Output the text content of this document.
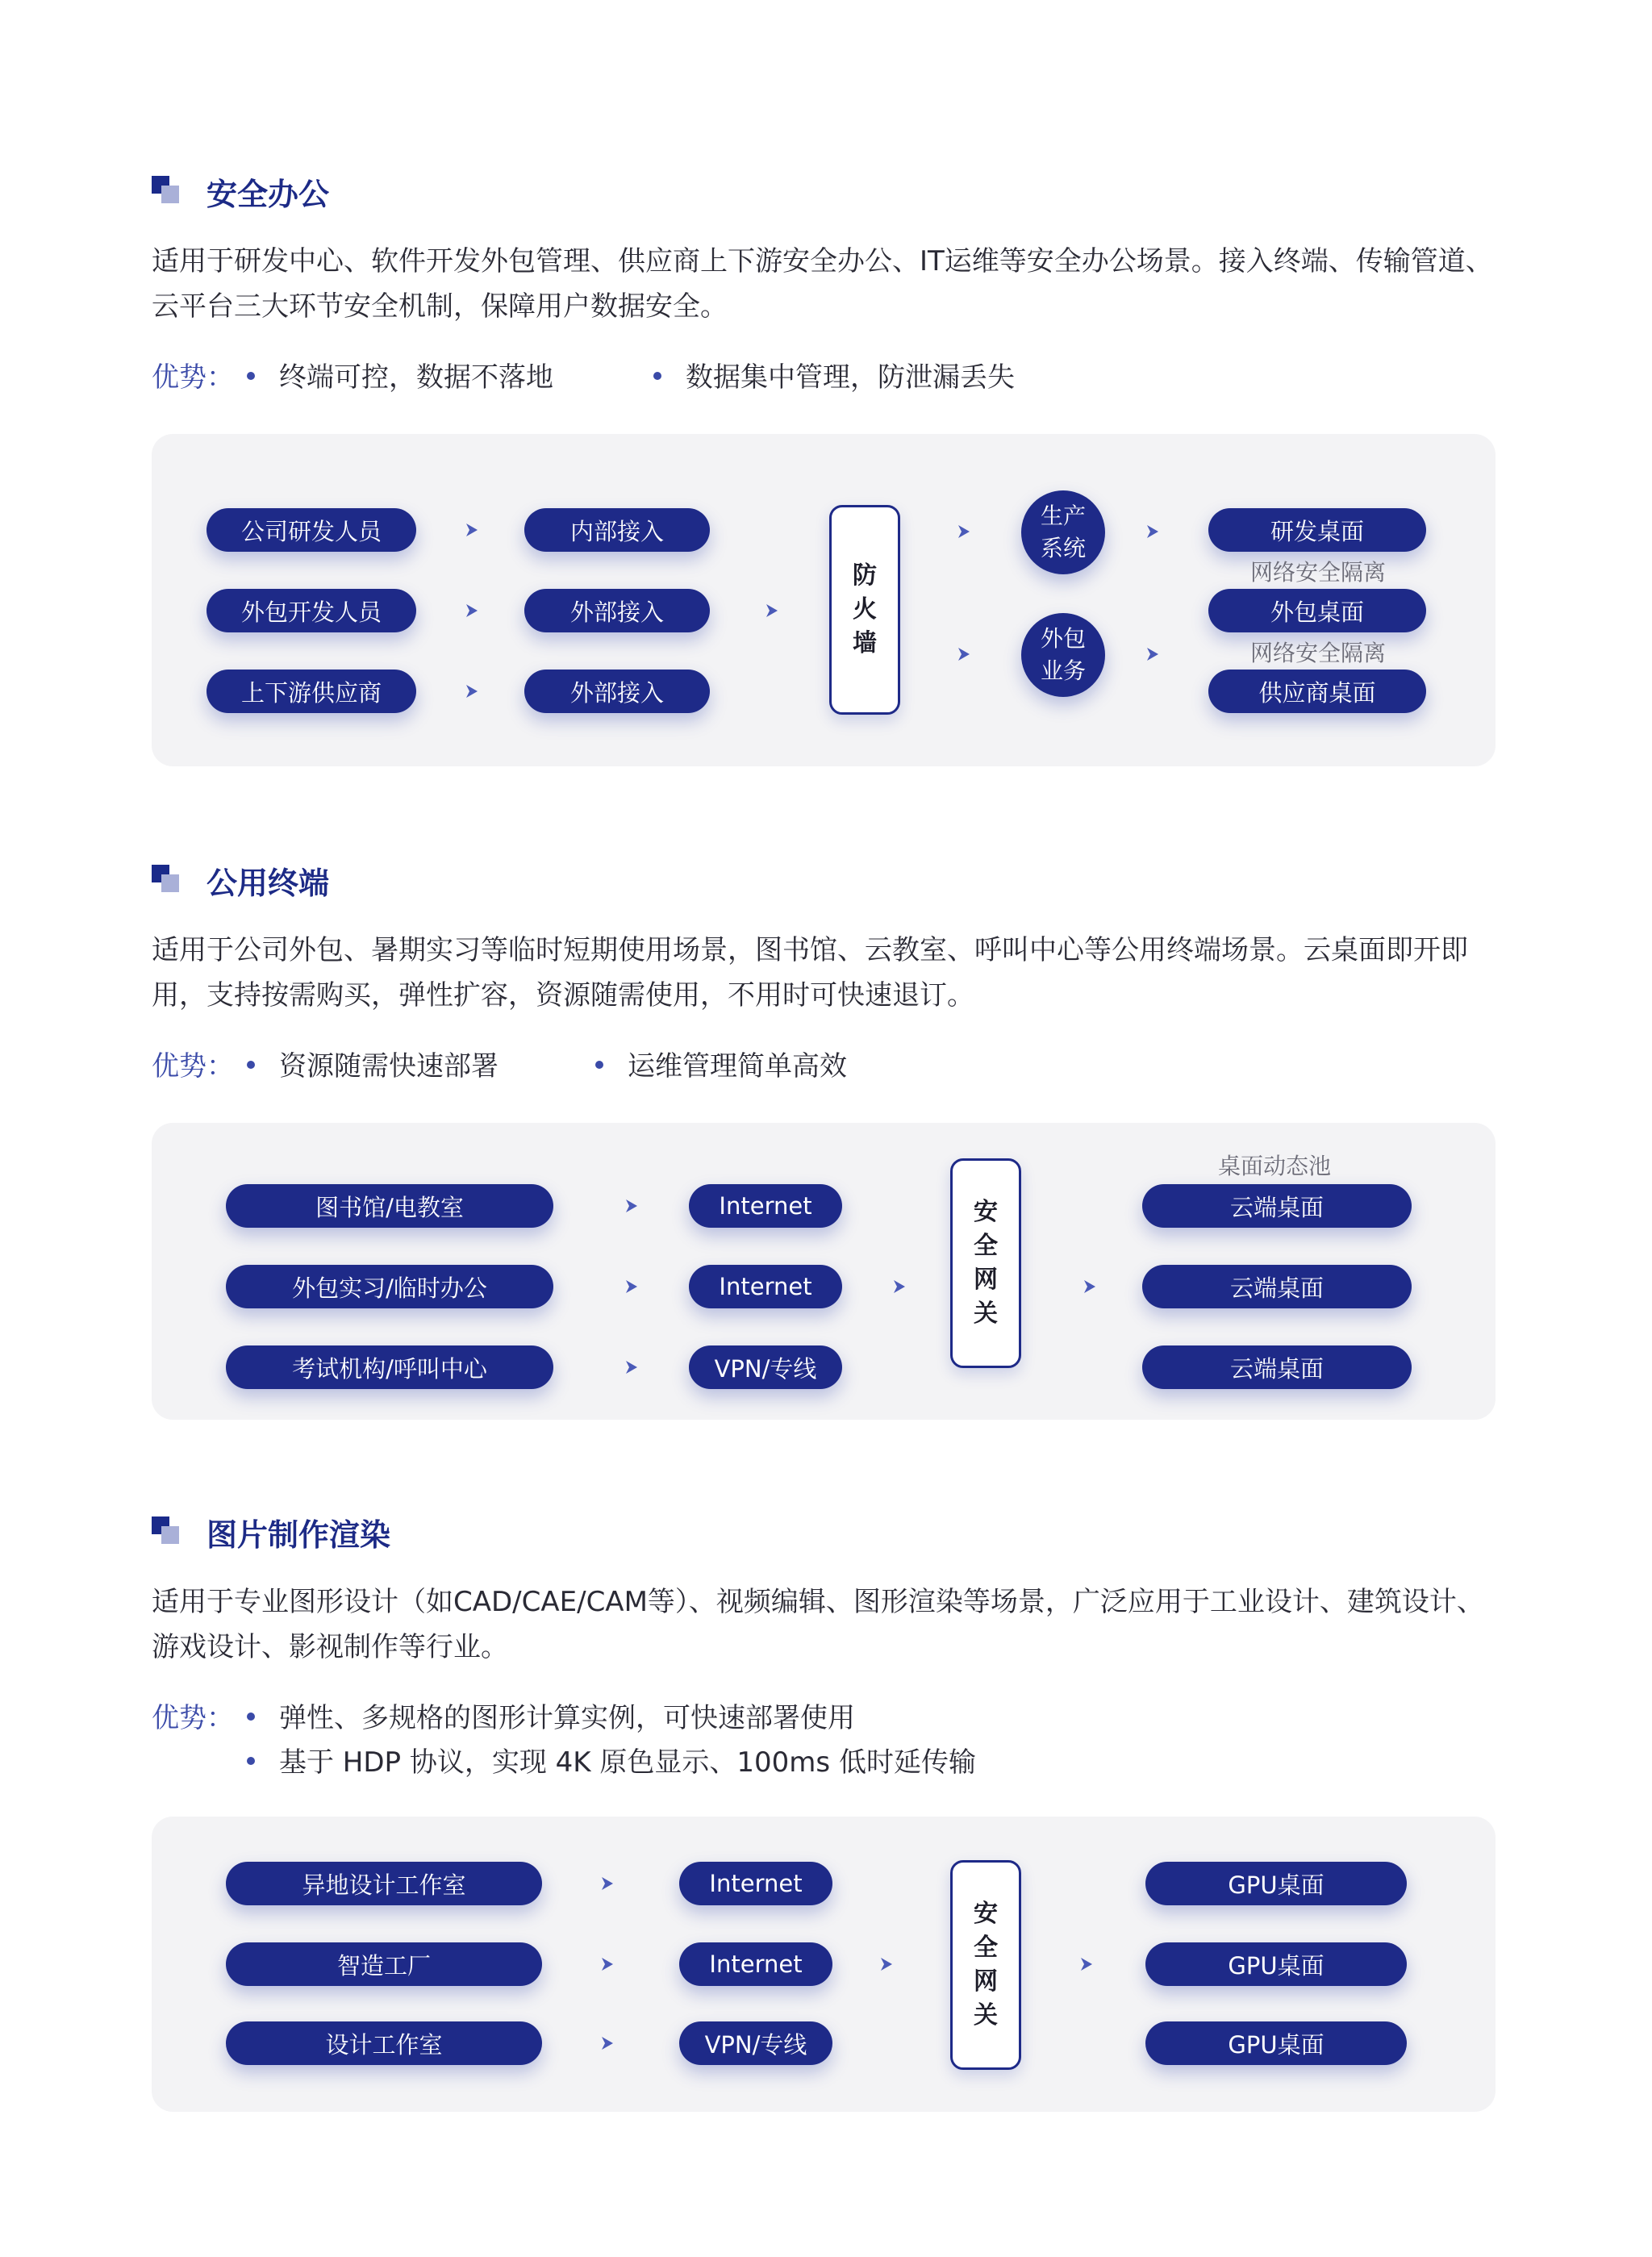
安全办公
适用于研发中心、软件开发外包管理、供应商上下游安全办公、IT运维等安全办公场景。接入终端、传输管道、云平台三大环节安全机制，保障用户数据安全。
优势： 终端可控，数据不落地	数据集中管理，防泄漏丢失
公司研发人员
外包开发人员
上下游供应商
内部接入
外部接入
外部接入
防
火
墙
生产
系统
外包
业务
研发桌面
网络安全隔离
外包桌面
网络安全隔离
供应商桌面
公用终端
适用于公司外包、暑期实习等临时短期使用场景，图书馆、云教室、呼叫中心等公用终端场景。云桌面即开即用，支持按需购买，弹性扩容，资源随需使用，不用时可快速退订。
优势： 资源随需快速部署	运维管理简单高效
桌面动态池
图书馆/电教室
外包实习/临时办公
考试机构/呼叫中心
Internet
Internet
VPN/专线
安
全
网
关
云端桌面
云端桌面
云端桌面
图片制作渲染
适用于专业图形设计（如CAD/CAE/CAM等）、视频编辑、图形渲染等场景，广泛应用于工业设计、建筑设计、游戏设计、影视制作等行业。
优势： 弹性、多规格的图形计算实例，可快速部署使用
基于 HDP 协议，实现 4K 原色显示、100ms 低时延传输
异地设计工作室
智造工厂
设计工作室
Internet
Internet
VPN/专线
安
全
网
关
GPU桌面
GPU桌面
GPU桌面
